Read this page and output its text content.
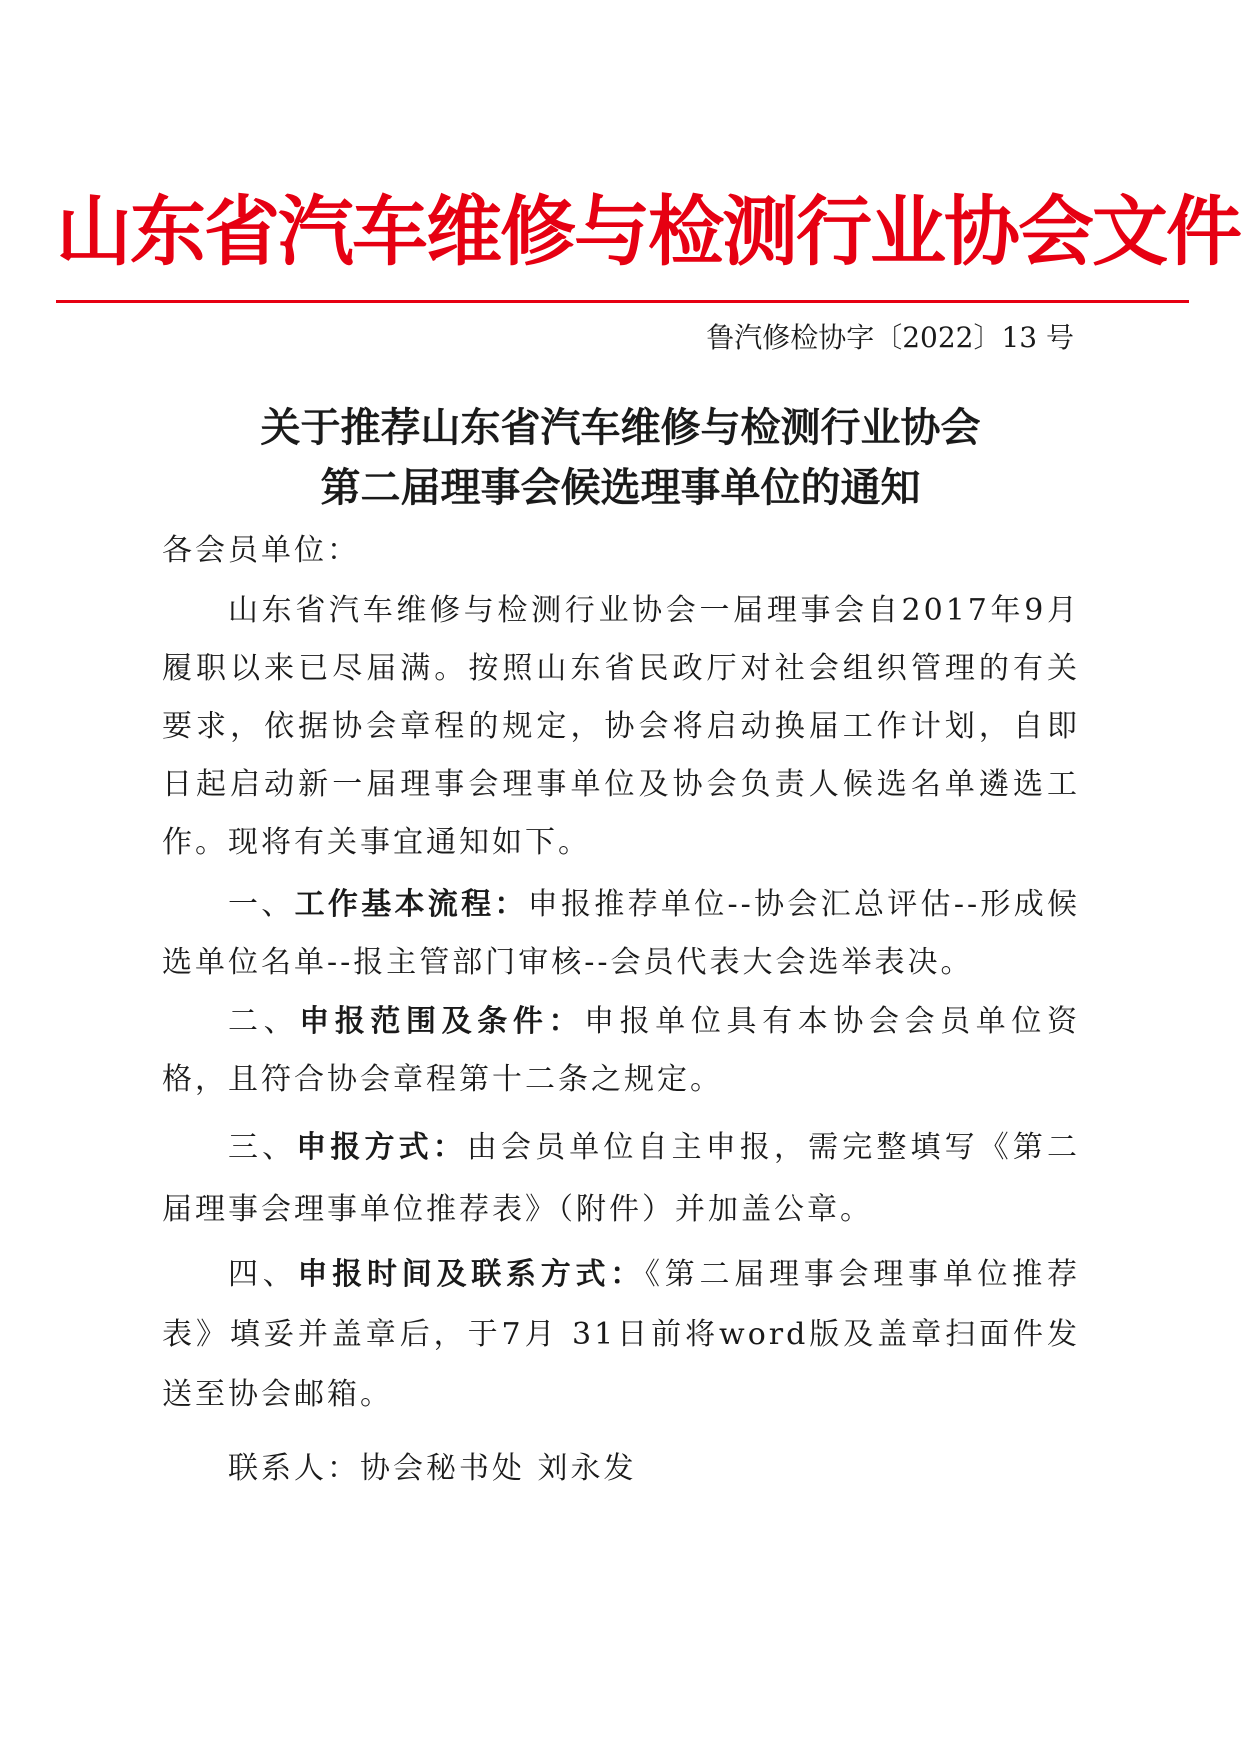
山东省汽车维修与检测行业协会文件
鲁汽修检协字〔2022〕13 号
关于推荐山东省汽车维修与检测行业协会
第二届理事会候选理事单位的通知
各会员单位：
山东省汽车维修与检测行业协会一届理事会自2017年9月履职以来已尽届满。按照山东省民政厅对社会组织管理的有关要求，依据协会章程的规定，协会将启动换届工作计划，自即日起启动新一届理事会理事单位及协会负责人候选名单遴选工作。现将有关事宜通知如下。
一、工作基本流程：申报推荐单位--协会汇总评估--形成候选单位名单--报主管部门审核--会员代表大会选举表决。
二、申报范围及条件：申报单位具有本协会会员单位资格，且符合协会章程第十二条之规定。
三、申报方式：由会员单位自主申报，需完整填写《第二届理事会理事单位推荐表》（附件）并加盖公章。
四、申报时间及联系方式：《第二届理事会理事单位推荐表》填妥并盖章后，于7月 31日前将word版及盖章扫面件发送至协会邮箱。
联系人：协会秘书处 刘永发
